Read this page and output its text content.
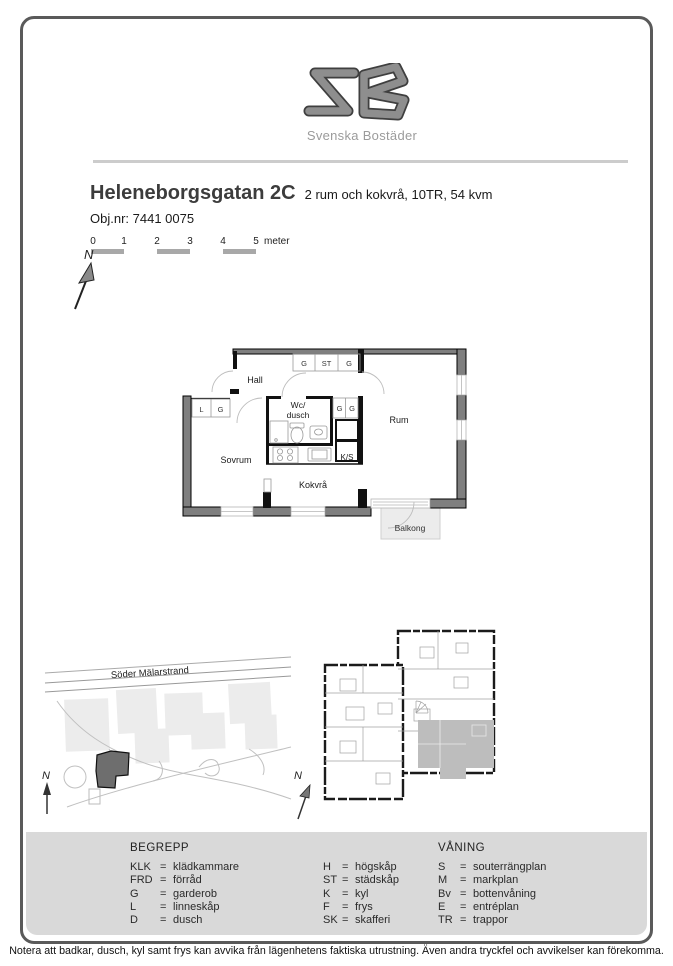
Svenska Bostäder
Heleneborgsgatan 2C 2 rum och kokvrå, 10TR, 54 kvm
Obj.nr: 7441 0075
0	1	2	3	4	5 meter
N
Hall
Rum
Sovrum
Kokvrå
Wc/
dusch
K/S
Balkong
G ST G
L G	G G
Söder Mälarstrand
N	N
BEGREPP
KLK = klädkammare
FRD = förråd
G	= garderob
L	= linneskåp
D	= dusch
H	= högskåp
ST = städskåp
K	= kyl
F	= frys
SK = skafferi
VÅNING
S	= souterrängplan
M	= markplan
Bv = bottenvåning
E	= entréplan
TR = trappor
Notera att badkar, dusch, kyl samt frys kan avvika från lägenhetens faktiska utrustning. Även andra tryckfel och avvikelser kan förekomma.
